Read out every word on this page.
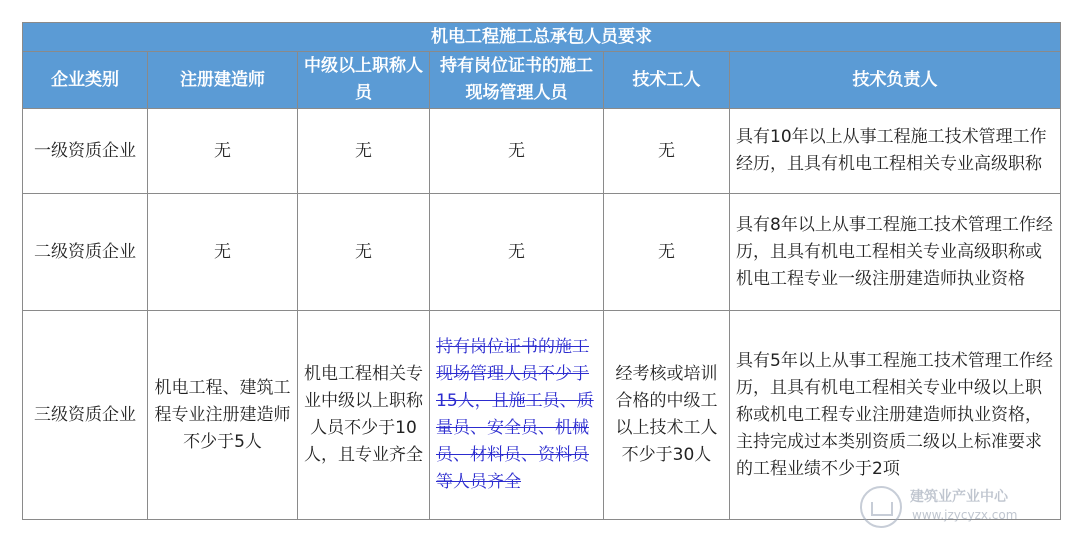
机电工程施工总承包人员要求					
企业类别	注册建造师	中级以上职称人员	持有岗位证书的施工现场管理人员	技术工人	技术负责人
一级资质企业	无	无	无	无	具有10年以上从事工程施工技术管理工作经历，且具有机电工程相关专业高级职称
二级资质企业	无	无	无	无	具有8年以上从事工程施工技术管理工作经历，且具有机电工程相关专业高级职称或机电工程专业一级注册建造师执业资格
三级资质企业	机电工程、建筑工程专业注册建造师不少于5人	机电工程相关专业中级以上职称人员不少于10人，且专业齐全	持有岗位证书的施工现场管理人员不少于15人，且施工员、质量员、安全员、机械员、材料员、资料员等人员齐全	经考核或培训合格的中级工以上技术工人不少于30人	具有5年以上从事工程施工技术管理工作经历，且具有机电工程相关专业中级以上职称或机电工程专业注册建造师执业资格，主持完成过本类别资质二级以上标准要求的工程业绩不少于2项
建筑业产业中心
www.jzycyzx.com
